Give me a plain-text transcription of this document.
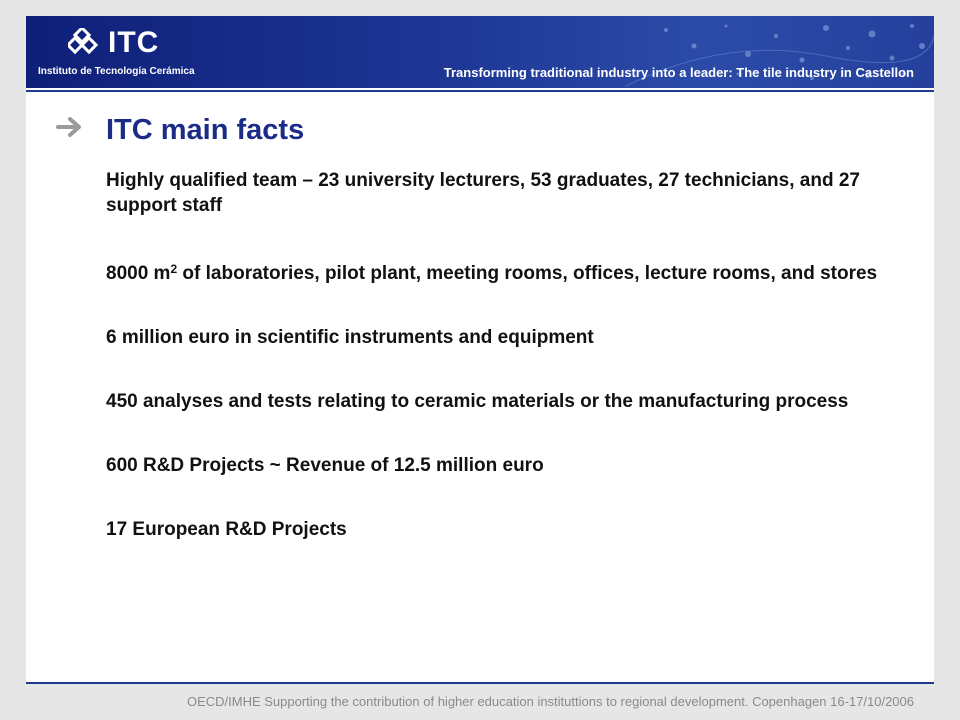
ITC
Instituto de Tecnología Cerámica	Transforming traditional industry into a leader: The tile industry in Castellon
ITC main facts
Highly qualified team – 23 university lecturers, 53 graduates, 27 technicians, and 27 support staff
8000 $m^2$ of laboratories, pilot plant, meeting rooms, offices, lecture rooms, and stores
6 million euro in scientific instruments and equipment
450 analyses and tests relating to ceramic materials or the manufacturing process
600 R&D Projects ~ Revenue of 12.5 million euro
17 European R&D Projects
OECD/IMHE Supporting the contribution of higher education instituttions to regional development. Copenhagen 16-17/10/2006
